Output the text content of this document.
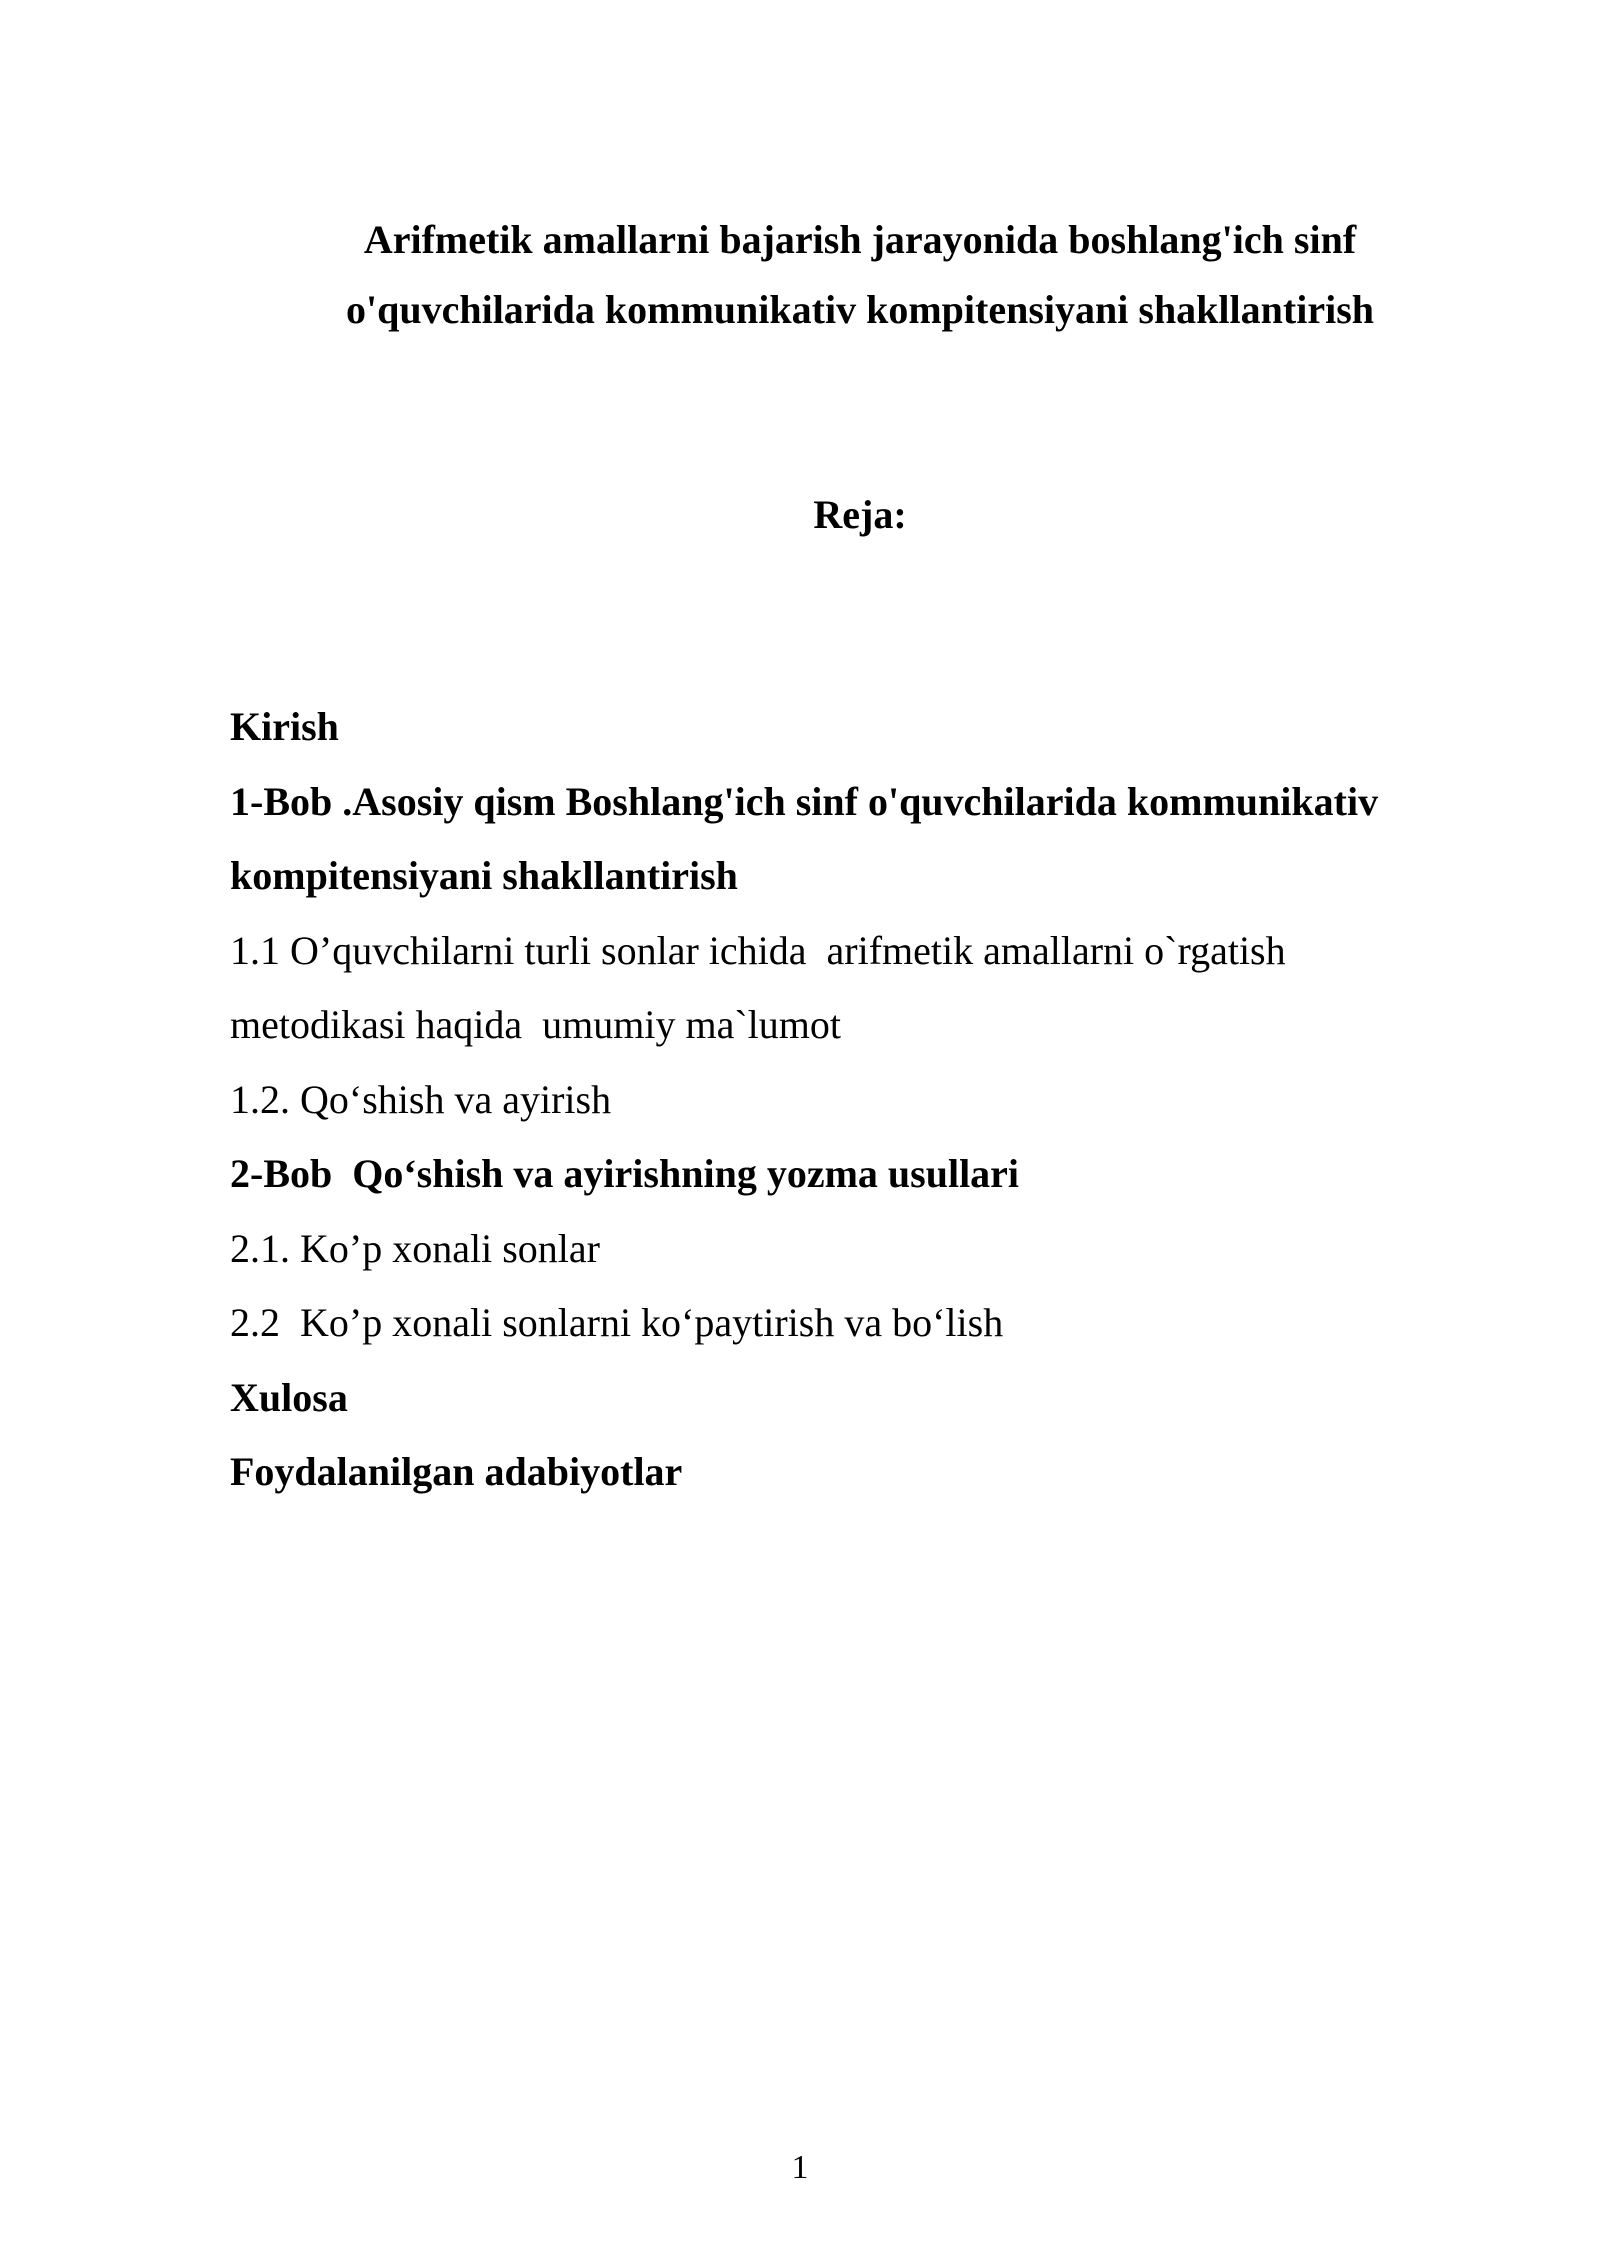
Arifmetik amallarni bajarish jarayonida boshlang'ich sinf
o'quvchilarida kommunikativ kompitensiyani shakllantirish
Reja:
Kirish
1-Bob .Asosiy qism Boshlang'ich sinf o'quvchilarida kommunikativ
kompitensiyani shakllantirish
1.1 O’quvchilarni turli sonlar ichida  arifmetik amallarni o`rgatish
metodikasi haqida  umumiy ma`lumot
1.2. Qo‘shish va ayirish
2-Bob  Qo‘shish va ayirishning yozma usullari
2.1. Ko’p xonali sonlar
2.2  Ko’p xonali sonlarni ko‘paytirish va bo‘lish
Xulosa
Foydalanilgan adabiyotlar
1
